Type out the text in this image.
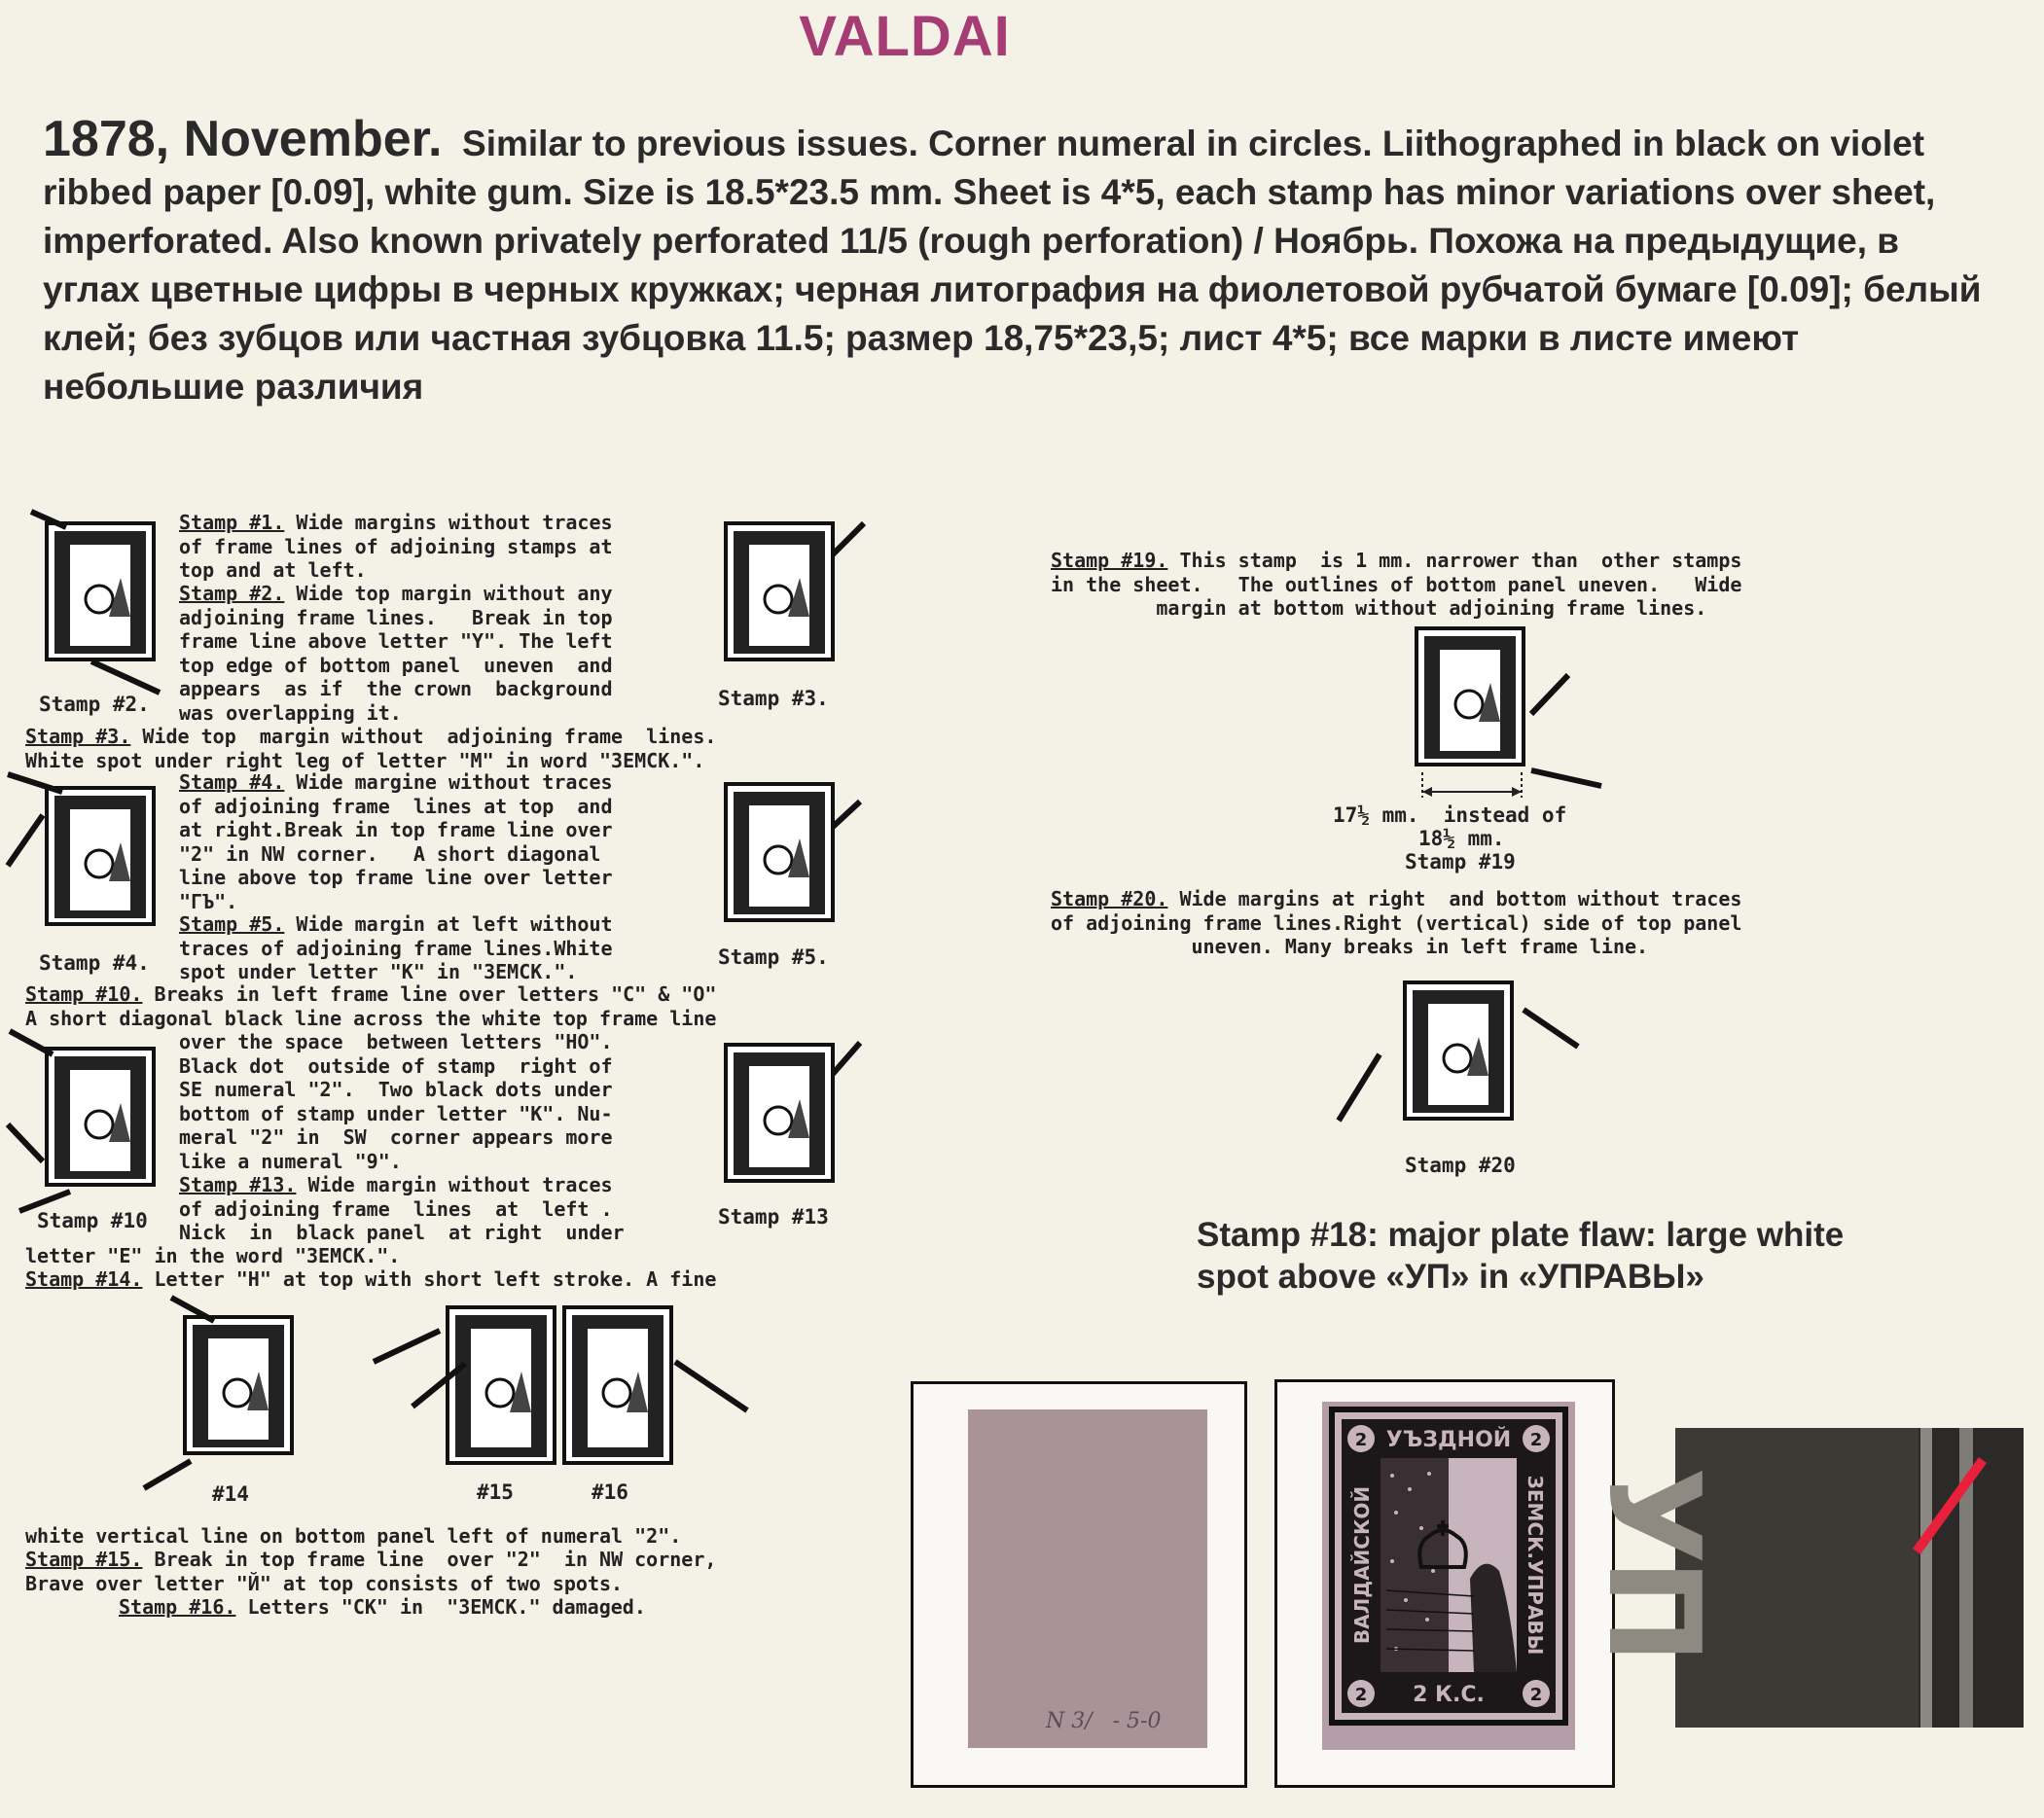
VALDAI
1878, November. Similar to previous issues. Corner numeral in circles. Liithographed in black on violet ribbed paper [0.09], white gum. Size is 18.5*23.5 mm. Sheet is 4*5, each stamp has minor variations over sheet, imperforated. Also known privately perforated 11/5 (rough perforation) / Ноябрь. Похожа на предыдущие, в углах цветные цифры в черных кружках; черная литография на фиолетовой рубчатой бумаге [0.09]; белый клей; без зубцов или частная зубцовка 11.5; размер 18,75*23,5; лист 4*5; все марки в листе имеют небольшие различия
Stamp #1. Wide margins without traces
of frame lines of adjoining stamps at
top and at left.
Stamp #2. Wide top margin without any
adjoining frame lines.   Break in top
frame line above letter "Y". The left
top edge of bottom panel  uneven  and
appears  as if  the crown  background
was overlapping it.
Stamp #3. Wide top  margin without  adjoining frame  lines.
White spot under right leg of letter "M" in word "ЗЕМСК.".
Stamp #4. Wide margine without traces
of adjoining frame  lines at top  and
at right.Break in top frame line over
"2" in NW corner.   A short diagonal
line above top frame line over letter
"ГЪ".
Stamp #5. Wide margin at left without
traces of adjoining frame lines.White
spot under letter "K" in "ЗЕМСК.".
Stamp #10. Breaks in left frame line over letters "C" & "O"
A short diagonal black line across the white top frame line
over the space  between letters "HO".
Black dot  outside of stamp  right of
SE numeral "2".  Two black dots under
bottom of stamp under letter "K". Nu-
meral "2" in  SW  corner appears more
like a numeral "9".
Stamp #13. Wide margin without traces
of adjoining frame  lines  at  left .
Nick  in  black panel  at right  under
letter "E" in the word "ЗЕМСК.".
Stamp #14. Letter "H" at top with short left stroke. A fine
white vertical line on bottom panel left of numeral "2".
Stamp #15. Break in top frame line  over "2"  in NW corner,
Brave over letter "Й" at top consists of two spots.
Stamp #16. Letters "CK" in  "ЗЕМСК." damaged.
Stamp #2.	Stamp #3.
Stamp #4.	Stamp #5.
Stamp #10	Stamp #13
#14	#15	#16
Stamp #19. This stamp  is 1 mm. narrower than  other stamps
in the sheet.   The outlines of bottom panel uneven.   Wide
margin at bottom without adjoining frame lines.
17½ mm.  instead of
18½ mm.
Stamp #19
Stamp #20. Wide margins at right  and bottom without traces
of adjoining frame lines.Right (vertical) side of top panel
uneven. Many breaks in left frame line.
Stamp #20
Stamp #18: major plate flaw: large white spot above «УП» in «УПРАВЫ»
N 3/   - 5-0
2	2
2	2
УЪЗДНОЙ
2 К.С.
ВАЛДАЙСКОЙ	ЗЕМСК.УПРАВЫ УП
